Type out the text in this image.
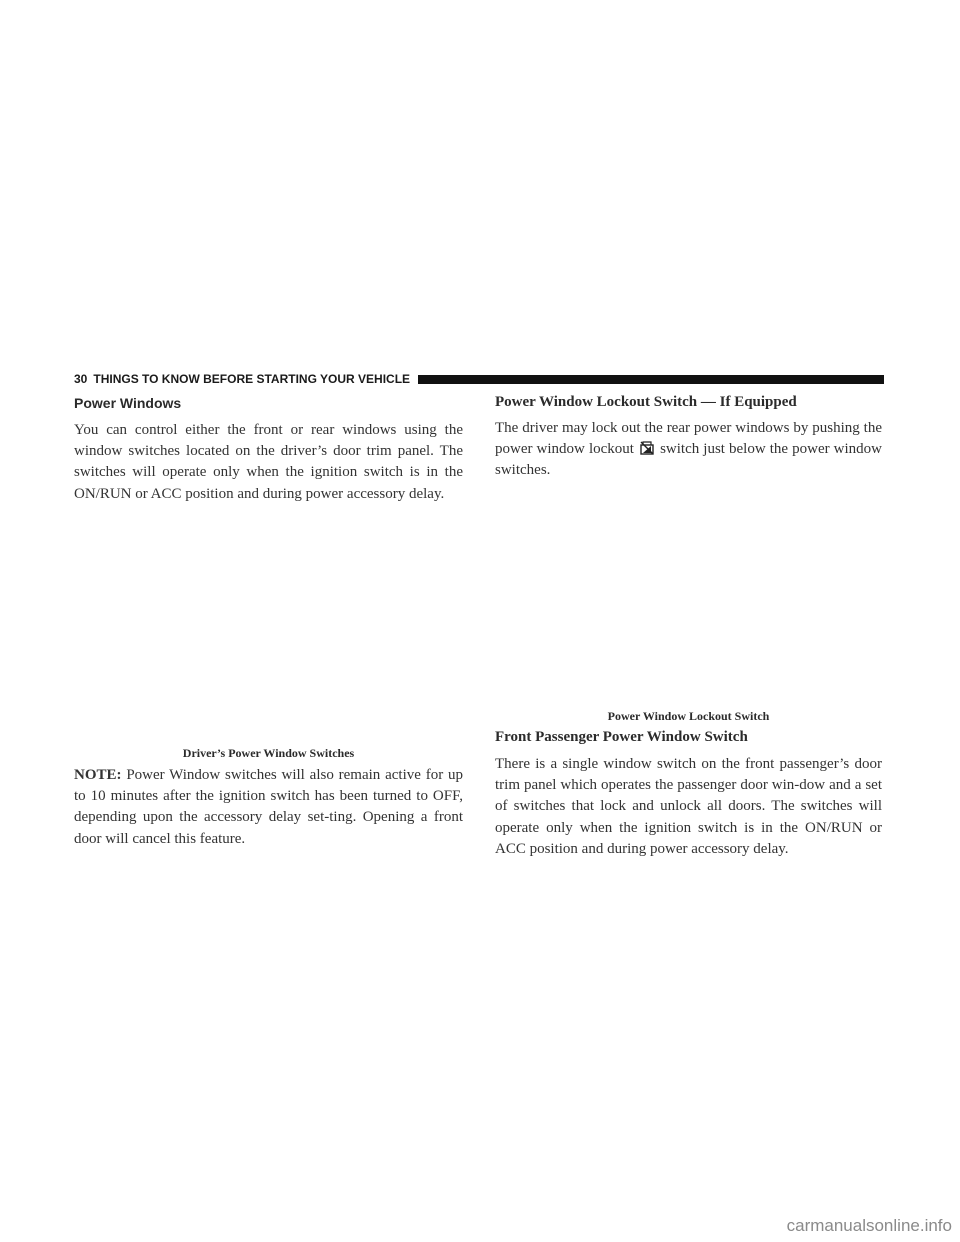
30 THINGS TO KNOW BEFORE STARTING YOUR VEHICLE
Power Windows

You can control either the front or rear windows using the window switches located on the driver’s door trim panel. The switches will operate only when the ignition switch is in the ON/RUN or ACC position and during power accessory delay.

Driver’s Power Window Switches

NOTE: Power Window switches will also remain active for up to 10 minutes after the ignition switch has been turned to OFF, depending upon the accessory delay set-ting. Opening a front door will cancel this feature.

Power Window Lockout Switch — If Equipped

The driver may lock out the rear power windows by pushing the power window lockout switch just below the power window switches.

Power Window Lockout Switch

Front Passenger Power Window Switch

There is a single window switch on the front passenger’s door trim panel which operates the passenger door win-dow and a set of switches that lock and unlock all doors. The switches will operate only when the ignition switch is in the ON/RUN or ACC position and during power accessory delay.

carmanualsonline.info
